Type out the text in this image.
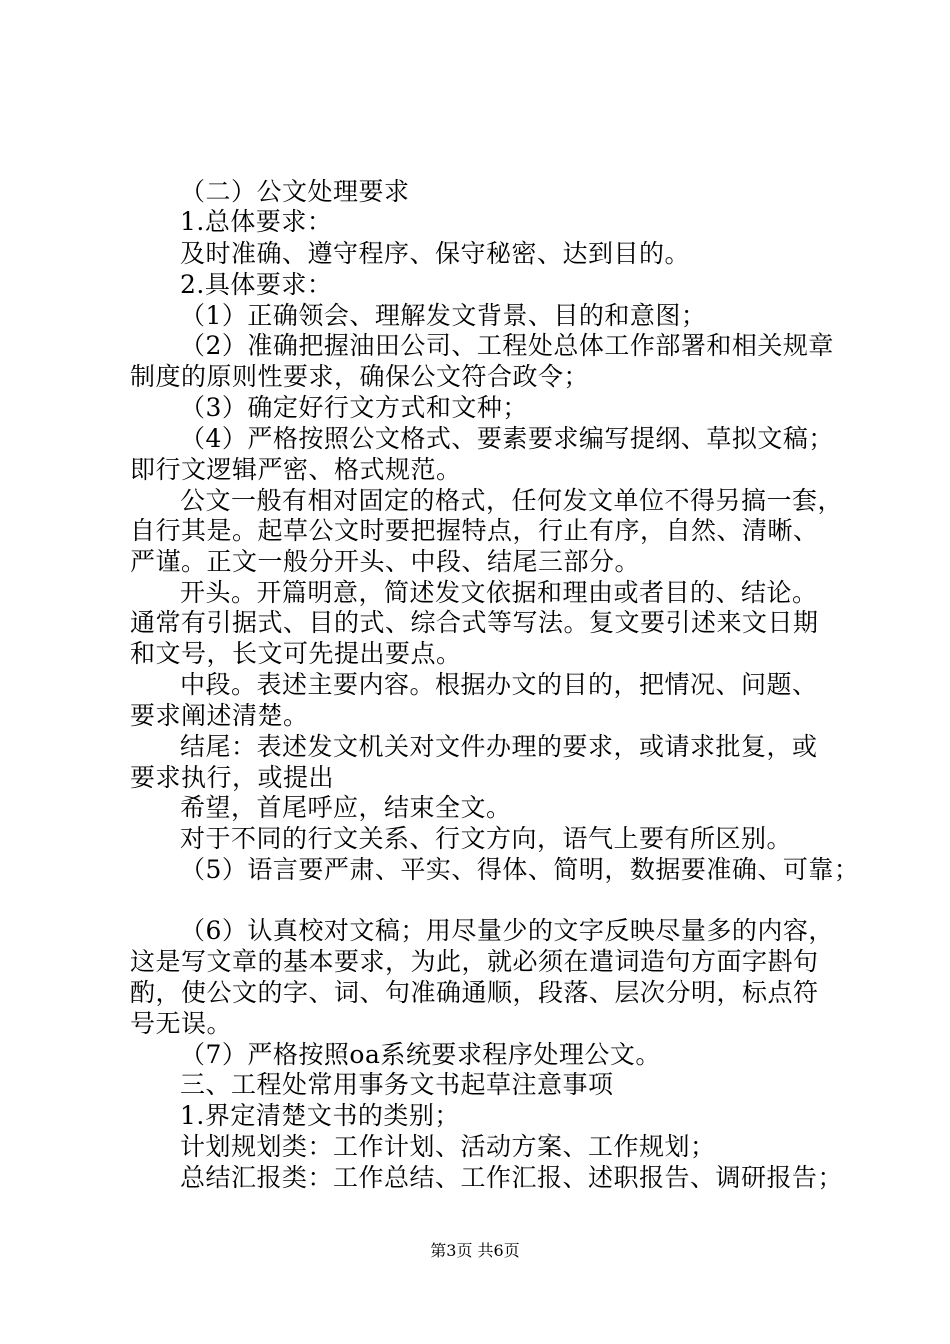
（二）公文处理要求
1.总体要求：
及时准确、遵守程序、保守秘密、达到目的。
2.具体要求：
（1）正确领会、理解发文背景、目的和意图；
（2）准确把握油田公司、工程处总体工作部署和相关规章
制度的原则性要求，确保公文符合政令；
（3）确定好行文方式和文种；
（4）严格按照公文格式、要素要求编写提纲、草拟文稿；
即行文逻辑严密、格式规范。
公文一般有相对固定的格式，任何发文单位不得另搞一套，
自行其是。起草公文时要把握特点，行止有序，自然、清晰、
严谨。正文一般分开头、中段、结尾三部分。
开头。开篇明意，简述发文依据和理由或者目的、结论。
通常有引据式、目的式、综合式等写法。复文要引述来文日期
和文号，长文可先提出要点。
中段。表述主要内容。根据办文的目的，把情况、问题、
要求阐述清楚。
结尾：表述发文机关对文件办理的要求，或请求批复，或
要求执行，或提出
希望，首尾呼应，结束全文。
对于不同的行文关系、行文方向，语气上要有所区别。
（5）语言要严肃、平实、得体、简明，数据要准确、可靠；
（6）认真校对文稿；用尽量少的文字反映尽量多的内容，
这是写文章的基本要求，为此，就必须在遣词造句方面字斟句
酌，使公文的字、词、句准确通顺，段落、层次分明，标点符
号无误。
（7）严格按照oa系统要求程序处理公文。
三、工程处常用事务文书起草注意事项
1.界定清楚文书的类别；
计划规划类：工作计划、活动方案、工作规划；
总结汇报类：工作总结、工作汇报、述职报告、调研报告；
第3页 共6页
